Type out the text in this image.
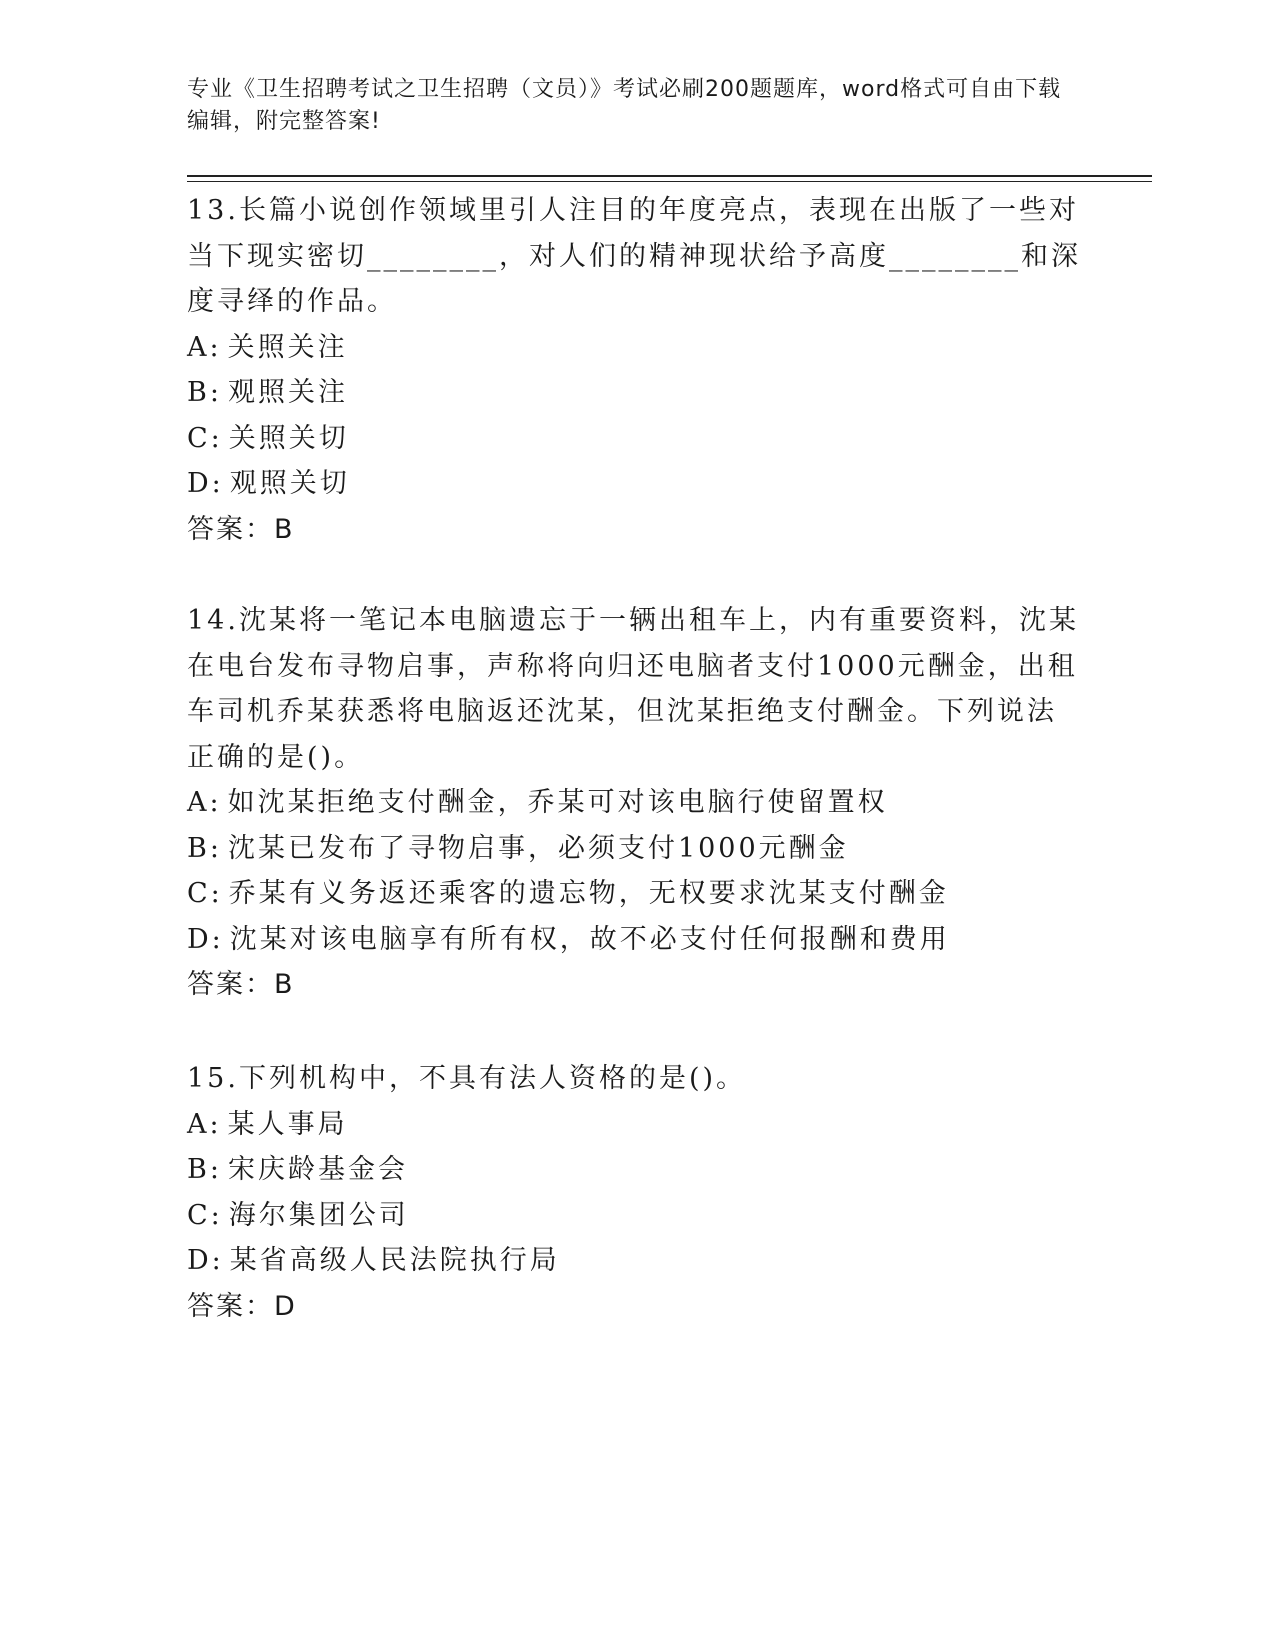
专业《卫生招聘考试之卫生招聘（文员）》考试必刷200题题库，word格式可自由下载编辑，附完整答案!

13.长篇小说创作领域里引人注目的年度亮点，表现在出版了一些对当下现实密切________，对人们的精神现状给予高度________和深度寻绎的作品。

A: 关照关注

B: 观照关注

C: 关照关切

D: 观照关切

答案：B

14.沈某将一笔记本电脑遗忘于一辆出租车上，内有重要资料，沈某在电台发布寻物启事，声称将向归还电脑者支付1000元酬金，出租车司机乔某获悉将电脑返还沈某，但沈某拒绝支付酬金。下列说法正确的是()。

A: 如沈某拒绝支付酬金，乔某可对该电脑行使留置权

B: 沈某已发布了寻物启事，必须支付1000元酬金

C: 乔某有义务返还乘客的遗忘物，无权要求沈某支付酬金

D: 沈某对该电脑享有所有权，故不必支付任何报酬和费用

答案：B

15.下列机构中，不具有法人资格的是()。

A: 某人事局

B: 宋庆龄基金会

C: 海尔集团公司

D: 某省高级人民法院执行局

答案：D
